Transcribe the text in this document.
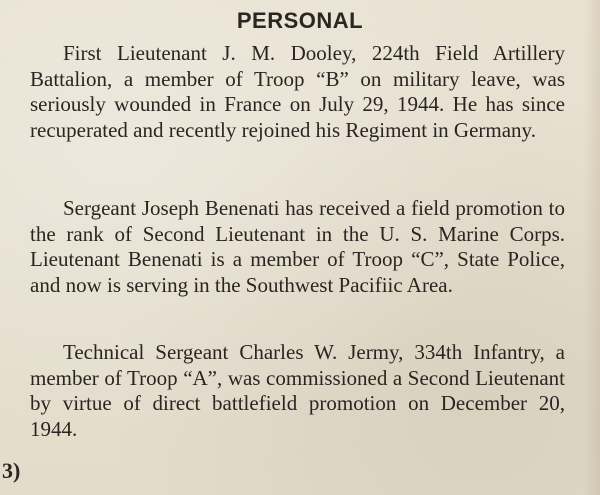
PERSONAL

First Lieutenant J. M. Dooley, 224th Field Artillery Battalion, a member of Troop “B” on military leave, was seriously wounded in France on July 29, 1944. He has since recuperated and recently rejoined his Regiment in Germany.

Sergeant Joseph Benenati has received a field promotion to the rank of Second Lieutenant in the U. S. Marine Corps. Lieutenant Benenati is a member of Troop “C”, State Police, and now is serving in the Southwest Pacifiic Area.

Technical Sergeant Charles W. Jermy, 334th Infantry, a member of Troop “A”, was commissioned a Second Lieutenant by virtue of direct battlefield promotion on December 20, 1944.

3)
